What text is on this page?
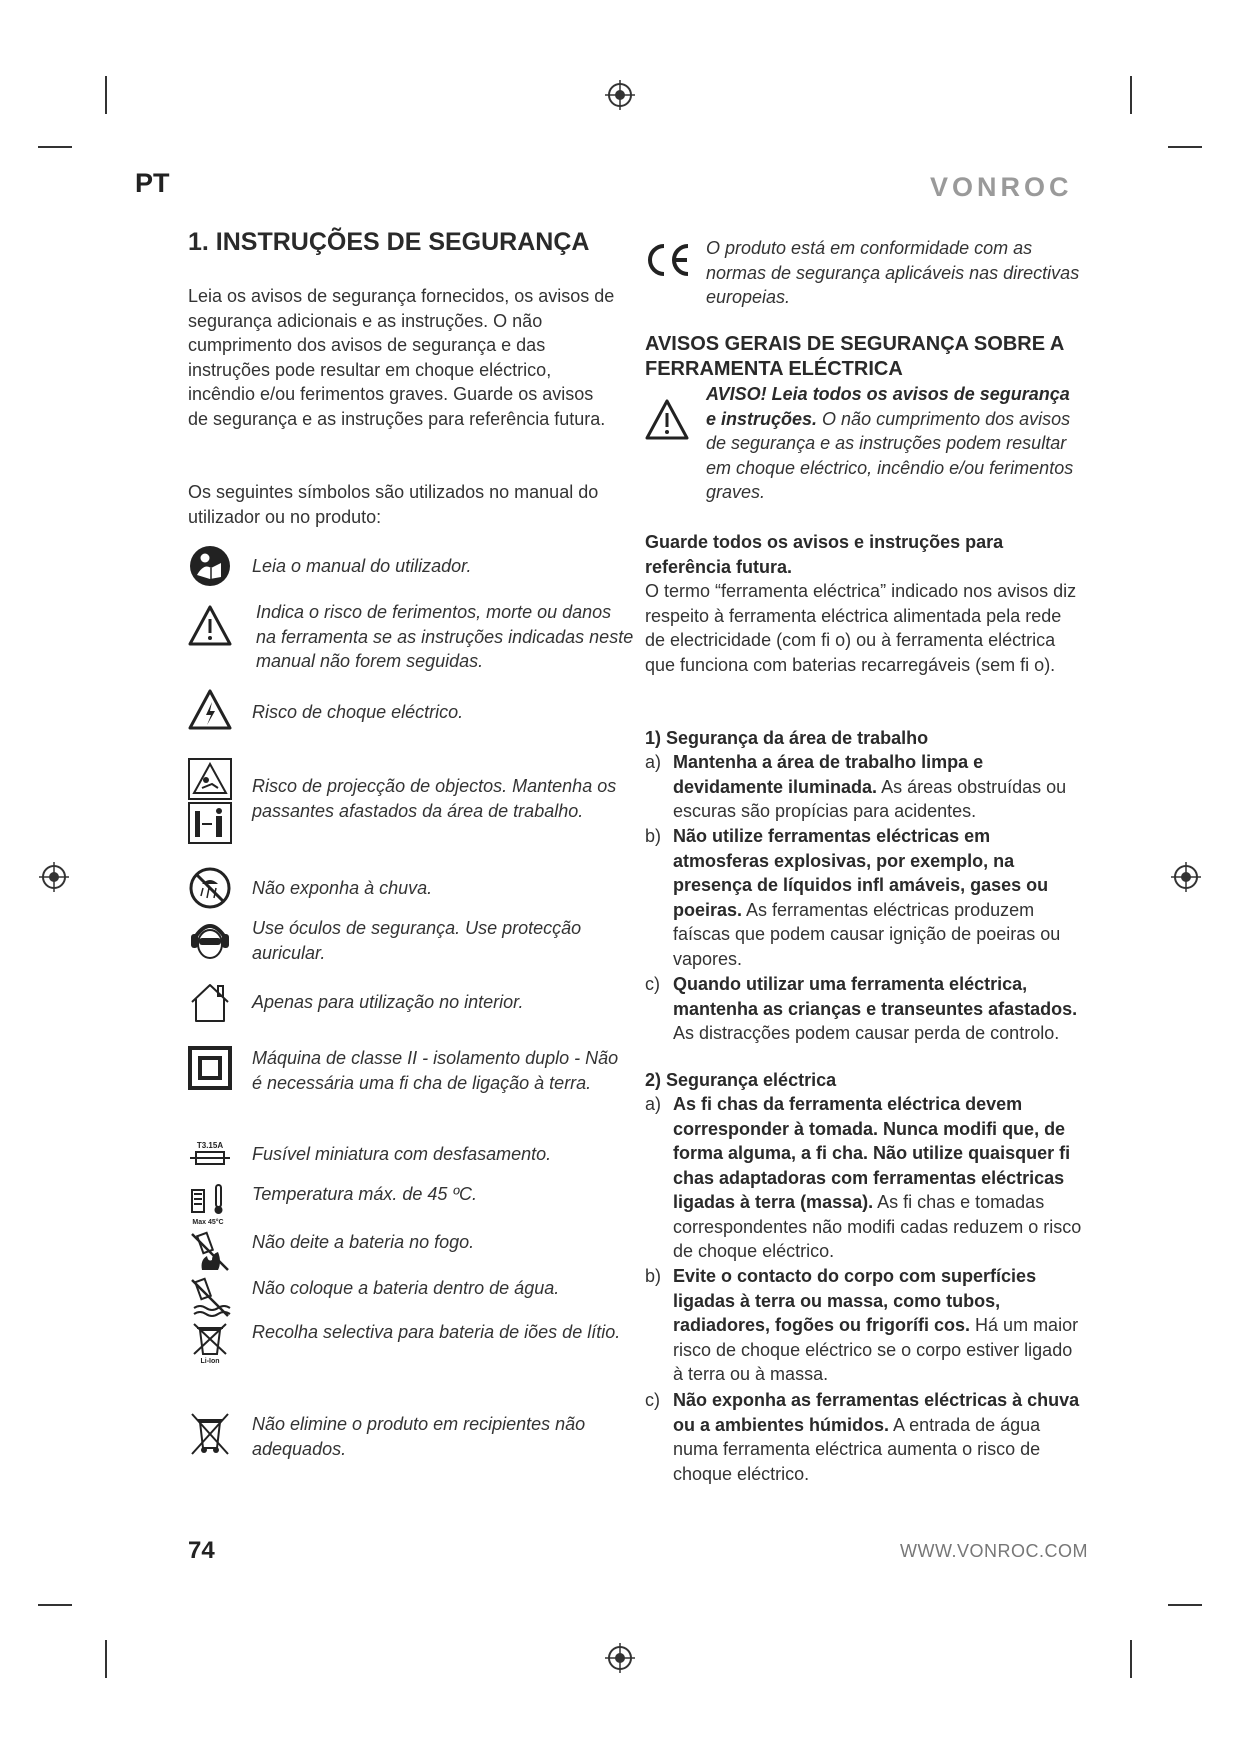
PT	VONROC
1. INSTRUÇÕES DE SEGURANÇA
Leia os avisos de segurança fornecidos, os avisos de segurança adicionais e as instruções. O não cumprimento dos avisos de segurança e das instruções pode resultar em choque eléctrico, incêndio e/ou ferimentos graves. Guarde os avisos de segurança e as instruções para referência futura.
Os seguintes símbolos são utilizados no manual do utilizador ou no produto:
Leia o manual do utilizador.
Indica o risco de ferimentos, morte ou danos na ferramenta se as instruções indicadas neste manual não forem seguidas.
Risco de choque eléctrico.
Risco de projecção de objectos. Mantenha os passantes afastados da área de trabalho.
Não exponha à chuva.
Use óculos de segurança. Use protecção auricular.
Apenas para utilização no interior.
Máquina de classe II - isolamento duplo - Não é necessária uma fi cha de ligação à terra.
T3.15A Fusível miniatura com desfasamento.
Max 45°C
Temperatura máx. de 45 ºC.
Não deite a bateria no fogo.
Não coloque a bateria dentro de água.
Li-Ion
Recolha selectiva para bateria de iões de lítio.
Não elimine o produto em recipientes não adequados.
O produto está em conformidade com as normas de segurança aplicáveis nas directivas europeias.
AVISOS GERAIS DE SEGURANÇA SOBRE A FERRAMENTA ELÉCTRICA
AVISO! Leia todos os avisos de segurança e instruções. O não cumprimento dos avisos de segurança e as instruções podem resultar em choque eléctrico, incêndio e/ou ferimentos graves.
Guarde todos os avisos e instruções para referência futura.
O termo “ferramenta eléctrica” indicado nos avisos diz respeito à ferramenta eléctrica alimentada pela rede de electricidade (com fi o) ou à ferramenta eléctrica que funciona com baterias recarregáveis (sem fi o).
1) Segurança da área de trabalho
a) Mantenha a área de trabalho limpa e devidamente iluminada. As áreas obstruídas ou escuras são propícias para acidentes.
b) Não utilize ferramentas eléctricas em atmosferas explosivas, por exemplo, na presença de líquidos infl amáveis, gases ou poeiras. As ferramentas eléctricas produzem faíscas que podem causar ignição de poeiras ou vapores.
c) Quando utilizar uma ferramenta eléctrica, mantenha as crianças e transeuntes afastados. As distracções podem causar perda de controlo.
2) Segurança eléctrica
a) As fi chas da ferramenta eléctrica devem corresponder à tomada. Nunca modifi que, de forma alguma, a fi cha. Não utilize quaisquer fi chas adaptadoras com ferramentas eléctricas ligadas à terra (massa). As fi chas e tomadas correspondentes não modifi cadas reduzem o risco de choque eléctrico.
b) Evite o contacto do corpo com superfícies ligadas à terra ou massa, como tubos, radiadores, fogões ou frigorífi cos. Há um maior risco de choque eléctrico se o corpo estiver ligado à terra ou à massa.
c) Não exponha as ferramentas eléctricas à chuva ou a ambientes húmidos. A entrada de água numa ferramenta eléctrica aumenta o risco de choque eléctrico.
74	WWW.VONROC.COM
